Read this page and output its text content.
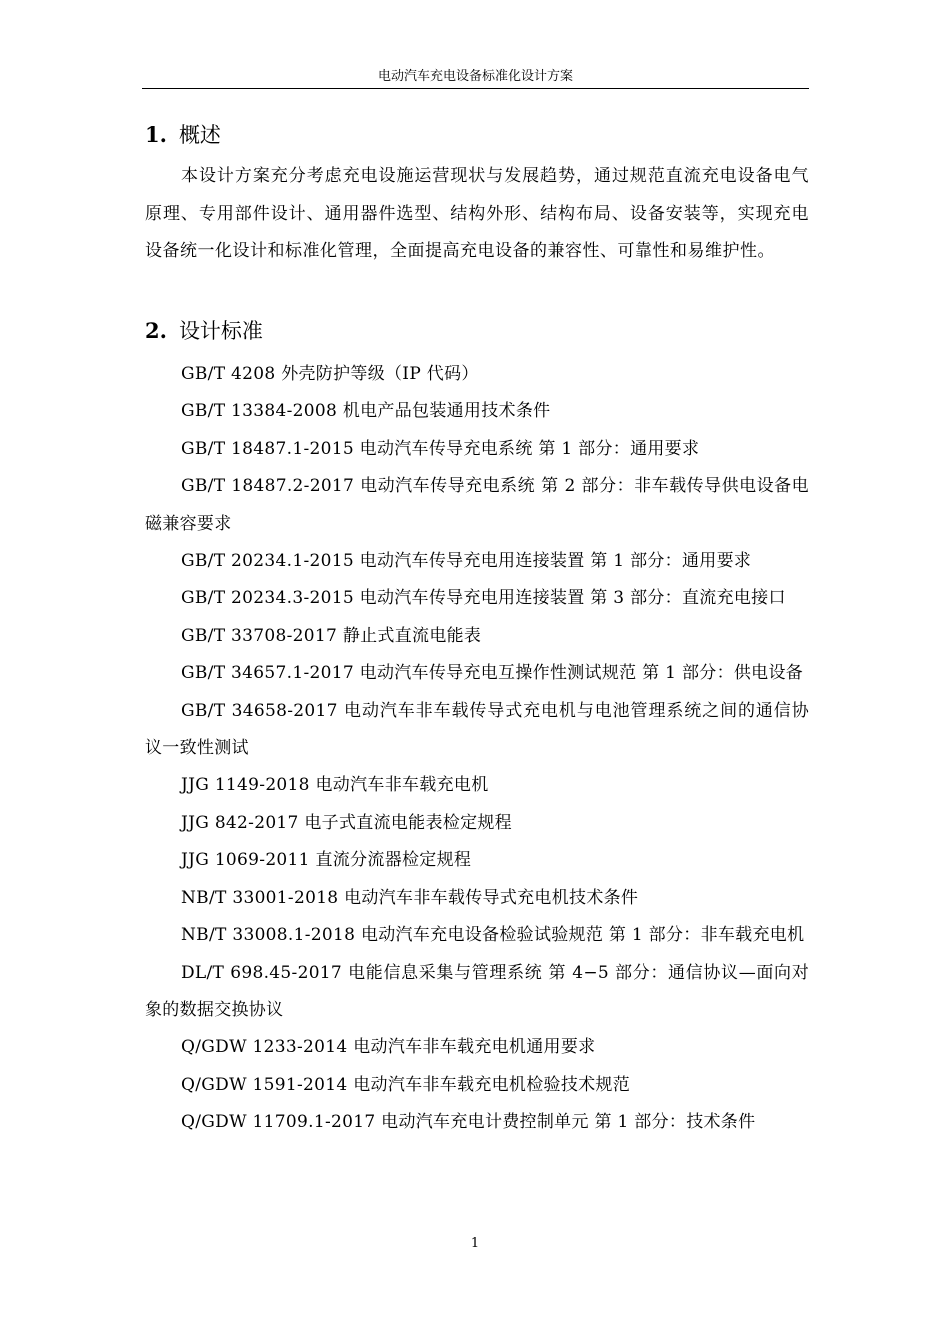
电动汽车充电设备标准化设计方案
1. 概述

本设计方案充分考虑充电设施运营现状与发展趋势，通过规范直流充电设备电气原理、专用部件设计、通用器件选型、结构外形、结构布局、设备安装等，实现充电设备统一化设计和标准化管理，全面提高充电设备的兼容性、可靠性和易维护性。

2. 设计标准
GB/T 4208 外壳防护等级（IP 代码）
GB/T 13384-2008 机电产品包装通用技术条件
GB/T 18487.1-2015 电动汽车传导充电系统 第 1 部分：通用要求
GB/T 18487.2-2017 电动汽车传导充电系统 第 2 部分：非车载传导供电设备电磁兼容要求
GB/T 20234.1-2015 电动汽车传导充电用连接装置 第 1 部分：通用要求
GB/T 20234.3-2015 电动汽车传导充电用连接装置 第 3 部分：直流充电接口
GB/T 33708-2017 静止式直流电能表
GB/T 34657.1-2017 电动汽车传导充电互操作性测试规范 第 1 部分：供电设备
GB/T 34658-2017 电动汽车非车载传导式充电机与电池管理系统之间的通信协议一致性测试
JJG 1149-2018 电动汽车非车载充电机
JJG 842-2017 电子式直流电能表检定规程
JJG 1069-2011 直流分流器检定规程
NB/T 33001-2018 电动汽车非车载传导式充电机技术条件
NB/T 33008.1-2018 电动汽车充电设备检验试验规范 第 1 部分：非车载充电机
DL/T 698.45-2017 电能信息采集与管理系统 第 4−5 部分：通信协议—面向对象的数据交换协议
Q/GDW 1233-2014 电动汽车非车载充电机通用要求
Q/GDW 1591-2014 电动汽车非车载充电机检验技术规范
Q/GDW 11709.1-2017 电动汽车充电计费控制单元 第 1 部分：技术条件
1
